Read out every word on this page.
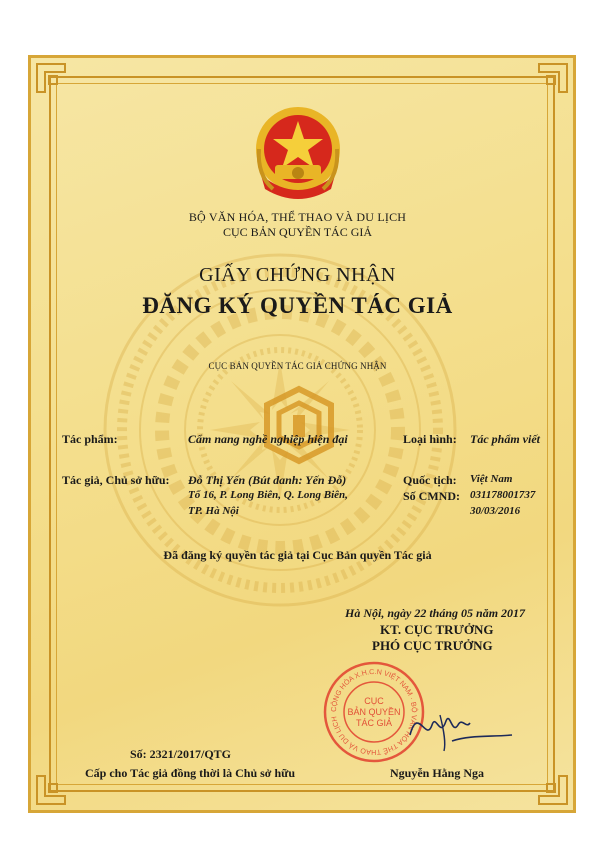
BỘ VĂN HÓA, THỂ THAO VÀ DU LỊCH
CỤC BẢN QUYỀN TÁC GIẢ
GIẤY CHỨNG NHẬN
ĐĂNG KÝ QUYỀN TÁC GIẢ
CỤC BẢN QUYỀN TÁC GIẢ CHỨNG NHẬN
Tác phẩm:	Cẩm nang nghề nghiệp hiện đại	Loại hình: Tác phẩm viết
Tác giả, Chủ sở hữu: Đỗ Thị Yến (Bút danh: Yến Đỗ)
Tổ 16, P. Long Biên, Q. Long Biên,
TP. Hà Nội
Quốc tịch: Việt Nam
Số CMND: 031178001737
30/03/2016
Đã đăng ký quyền tác giả tại Cục Bản quyền Tác giả
Hà Nội, ngày 22 tháng 05 năm 2017
KT. CỤC TRƯỞNG
PHÓ CỤC TRƯỞNG
CỘNG HÒA X.H.C.N VIỆT NAM · BỘ VĂN HÓA THỂ THAO VÀ DU LỊCH
CỤC
BẢN QUYỀN
TÁC GIẢ
Nguyễn Hằng Nga
Số: 2321/2017/QTG
Cấp cho Tác giả đồng thời là Chủ sở hữu
